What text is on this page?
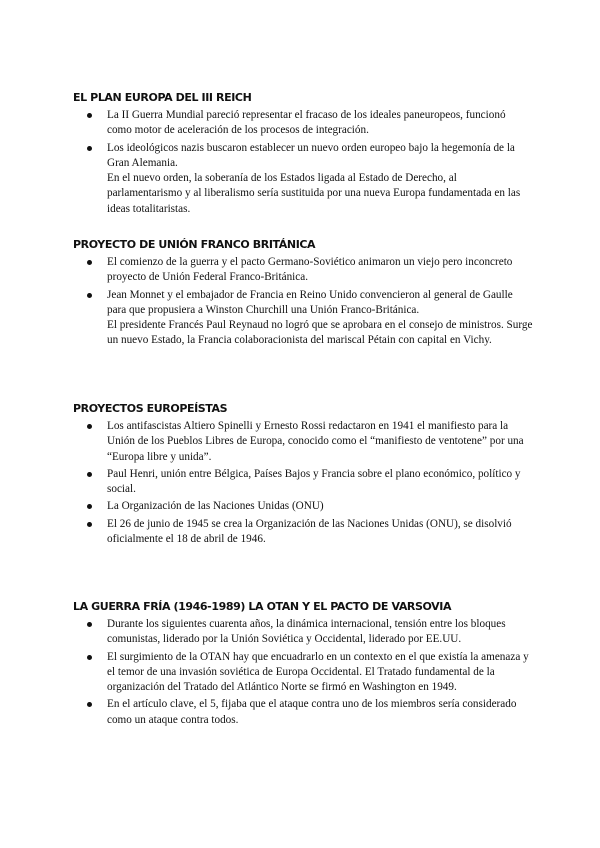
EL PLAN EUROPA DEL III REICH

La II Guerra Mundial pareció representar el fracaso de los ideales paneuropeos, funcionó como motor de aceleración de los procesos de integración.

Los ideológicos nazis buscaron establecer un nuevo orden europeo bajo la hegemonía de la Gran Alemania.

En el nuevo orden, la soberanía de los Estados ligada al Estado de Derecho, al parlamentarismo y al liberalismo sería sustituida por una nueva Europa fundamentada en las ideas totalitaristas.

PROYECTO DE UNIÓN FRANCO BRITÁNICA

El comienzo de la guerra y el pacto Germano-Soviético animaron un viejo pero inconcreto proyecto de Unión Federal Franco-Británica.

Jean Monnet y el embajador de Francia en Reino Unido convencieron al general de Gaulle para que propusiera a Winston Churchill una Unión Franco-Británica.

El presidente Francés Paul Reynaud no logró que se aprobara en el consejo de ministros. Surge un nuevo Estado, la Francia colaboracionista del mariscal Pétain con capital en Vichy.

PROYECTOS EUROPEÍSTAS

Los antifascistas Altiero Spinelli y Ernesto Rossi redactaron en 1941 el manifiesto para la Unión de los Pueblos Libres de Europa, conocido como el “manifiesto de ventotene” por una “Europa libre y unida”.

Paul Henri, unión entre Bélgica, Países Bajos y Francia sobre el plano económico, político y social.

La Organización de las Naciones Unidas (ONU)

El 26 de junio de 1945 se crea la Organización de las Naciones Unidas (ONU), se disolvió oficialmente el 18 de abril de 1946.

LA GUERRA FRÍA (1946-1989) LA OTAN Y EL PACTO DE VARSOVIA

Durante los siguientes cuarenta años, la dinámica internacional, tensión entre los bloques comunistas, liderado por la Unión Soviética y Occidental, liderado por EE.UU.

El surgimiento de la OTAN hay que encuadrarlo en un contexto en el que existía la amenaza y el temor de una invasión soviética de Europa Occidental. El Tratado fundamental de la organización del Tratado del Atlántico Norte se firmó en Washington en 1949.

En el artículo clave, el 5, fijaba que el ataque contra uno de los miembros sería considerado como un ataque contra todos.
